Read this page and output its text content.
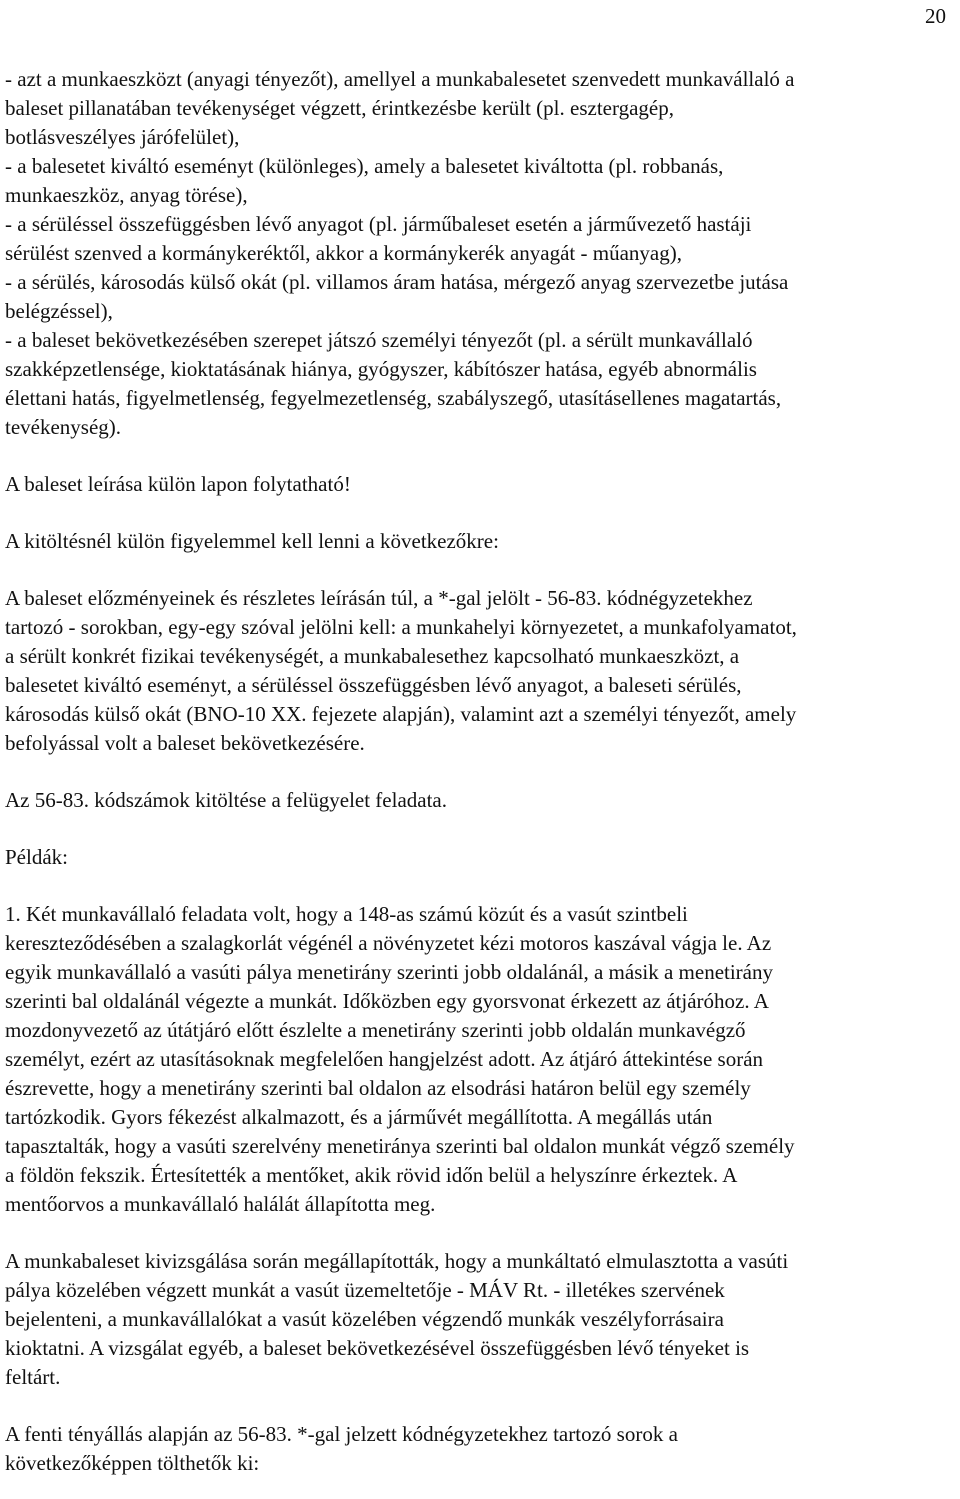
20
- azt a munkaeszközt (anyagi tényezőt), amellyel a munkabalesetet szenvedett munkavállaló a
baleset pillanatában tevékenységet végzett, érintkezésbe került (pl. esztergagép,
botlásveszélyes járófelület),
- a balesetet kiváltó eseményt (különleges), amely a balesetet kiváltotta (pl. robbanás,
munkaeszköz, anyag törése),
- a sérüléssel összefüggésben lévő anyagot (pl. járműbaleset esetén a járművezető hastáji
sérülést szenved a kormánykeréktől, akkor a kormánykerék anyagát - műanyag),
- a sérülés, károsodás külső okát (pl. villamos áram hatása, mérgező anyag szervezetbe jutása
belégzéssel),
- a baleset bekövetkezésében szerepet játszó személyi tényezőt (pl. a sérült munkavállaló
szakképzetlensége, kioktatásának hiánya, gyógyszer, kábítószer hatása, egyéb abnormális
élettani hatás, figyelmetlenség, fegyelmezetlenség, szabályszegő, utasításellenes magatartás,
tevékenység).
A baleset leírása külön lapon folytatható!
A kitöltésnél külön figyelemmel kell lenni a következőkre:
A baleset előzményeinek és részletes leírásán túl, a *-gal jelölt - 56-83. kódnégyzetekhez
tartozó - sorokban, egy-egy szóval jelölni kell: a munkahelyi környezetet, a munkafolyamatot,
a sérült konkrét fizikai tevékenységét, a munkabalesethez kapcsolható munkaeszközt, a
balesetet kiváltó eseményt, a sérüléssel összefüggésben lévő anyagot, a baleseti sérülés,
károsodás külső okát (BNO-10 XX. fejezete alapján), valamint azt a személyi tényezőt, amely
befolyással volt a baleset bekövetkezésére.
Az 56-83. kódszámok kitöltése a felügyelet feladata.
Példák:
1. Két munkavállaló feladata volt, hogy a 148-as számú közút és a vasút szintbeli
kereszteződésében a szalagkorlát végénél a növényzetet kézi motoros kaszával vágja le. Az
egyik munkavállaló a vasúti pálya menetirány szerinti jobb oldalánál, a másik a menetirány
szerinti bal oldalánál végezte a munkát. Időközben egy gyorsvonat érkezett az átjáróhoz. A
mozdonyvezető az útátjáró előtt észlelte a menetirány szerinti jobb oldalán munkavégző
személyt, ezért az utasításoknak megfelelően hangjelzést adott. Az átjáró áttekintése során
észrevette, hogy a menetirány szerinti bal oldalon az elsodrási határon belül egy személy
tartózkodik. Gyors fékezést alkalmazott, és a járművét megállította. A megállás után
tapasztalták, hogy a vasúti szerelvény menetiránya szerinti bal oldalon munkát végző személy
a földön fekszik. Értesítették a mentőket, akik rövid időn belül a helyszínre érkeztek. A
mentőorvos a munkavállaló halálát állapította meg.
A munkabaleset kivizsgálása során megállapították, hogy a munkáltató elmulasztotta a vasúti
pálya közelében végzett munkát a vasút üzemeltetője - MÁV Rt. - illetékes szervének
bejelenteni, a munkavállalókat a vasút közelében végzendő munkák veszélyforrásaira
kioktatni. A vizsgálat egyéb, a baleset bekövetkezésével összefüggésben lévő tényeket is
feltárt.
A fenti tényállás alapján az 56-83. *-gal jelzett kódnégyzetekhez tartozó sorok a
következőképpen tölthetők ki:
